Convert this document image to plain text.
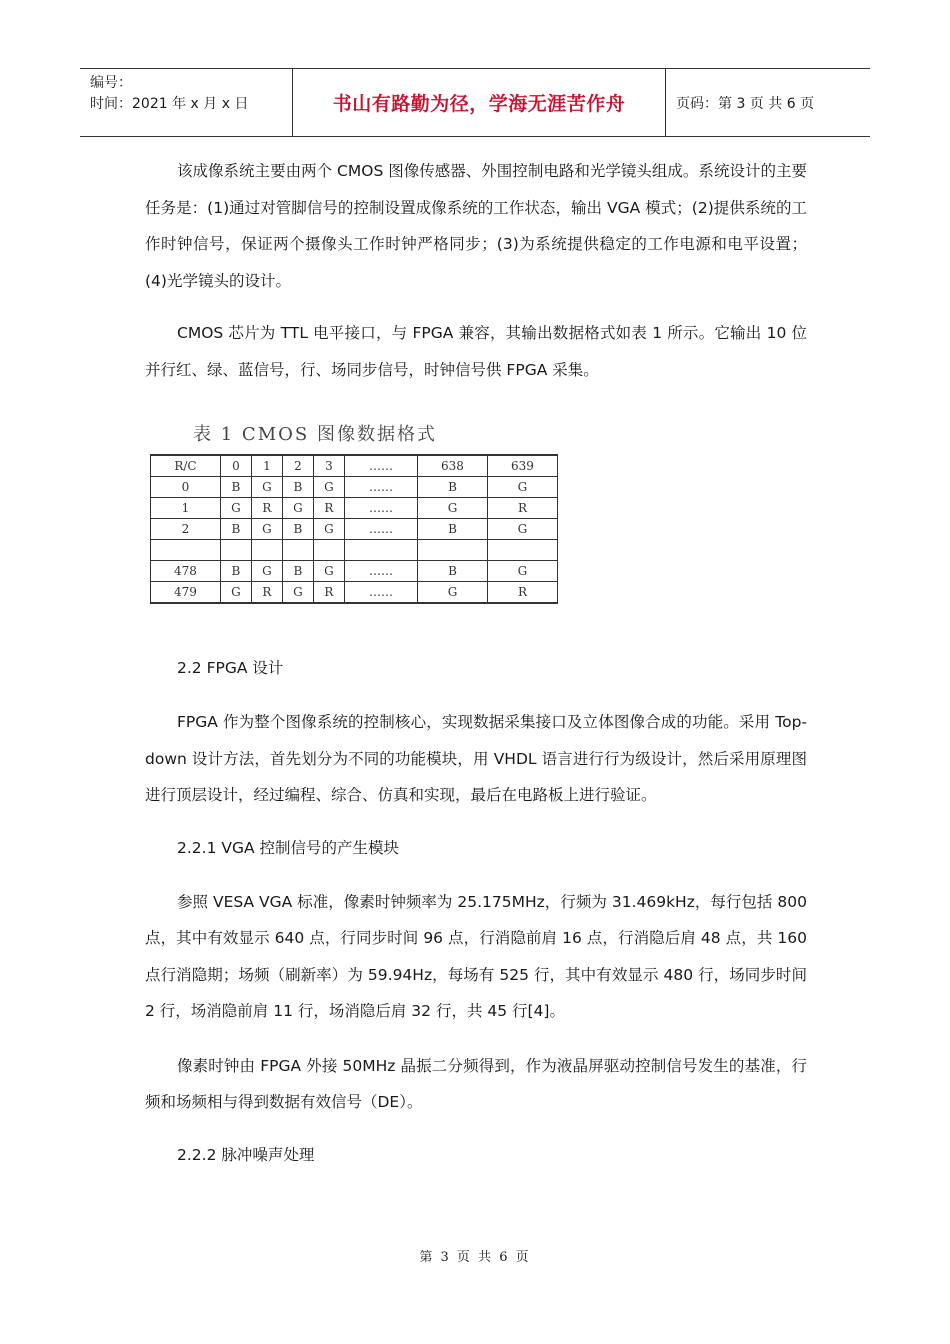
编号：
时间：2021 年 x 月 x 日	书山有路勤为径，学海无涯苦作舟	页码：第 3 页 共 6 页

该成像系统主要由两个 CMOS 图像传感器、外围控制电路和光学镜头组成。系统设计的主要任务是：(1)通过对管脚信号的控制设置成像系统的工作状态，输出 VGA 模式；(2)提供系统的工作时钟信号，保证两个摄像头工作时钟严格同步；(3)为系统提供稳定的工作电源和电平设置；(4)光学镜头的设计。

CMOS 芯片为 TTL 电平接口，与 FPGA 兼容，其输出数据格式如表 1 所示。它输出 10 位并行红、绿、蓝信号，行、场同步信号，时钟信号供 FPGA 采集。

表 1 CMOS 图像数据格式
R/C	0	1	2	3	……	638	639
0	B	G	B	G	……	B	G
1	G	R	G	R	……	G	R
2	B	G	B	G	……	B	G

478	B	G	B	G	……	B	G
479	G	R	G	R	……	G	R

2.2 FPGA 设计

FPGA 作为整个图像系统的控制核心，实现数据采集接口及立体图像合成的功能。采用 Top-down 设计方法，首先划分为不同的功能模块，用 VHDL 语言进行行为级设计，然后采用原理图进行顶层设计，经过编程、综合、仿真和实现，最后在电路板上进行验证。

2.2.1 VGA 控制信号的产生模块

参照 VESA VGA 标准，像素时钟频率为 25.175MHz，行频为 31.469kHz，每行包括 800 点，其中有效显示 640 点，行同步时间 96 点，行消隐前肩 16 点，行消隐后肩 48 点，共 160 点行消隐期；场频（刷新率）为 59.94Hz，每场有 525 行，其中有效显示 480 行，场同步时间 2 行，场消隐前肩 11 行，场消隐后肩 32 行，共 45 行[4]。

像素时钟由 FPGA 外接 50MHz 晶振二分频得到，作为液晶屏驱动控制信号发生的基准，行频和场频相与得到数据有效信号（DE）。

2.2.2 脉冲噪声处理

第 3 页 共 6 页
